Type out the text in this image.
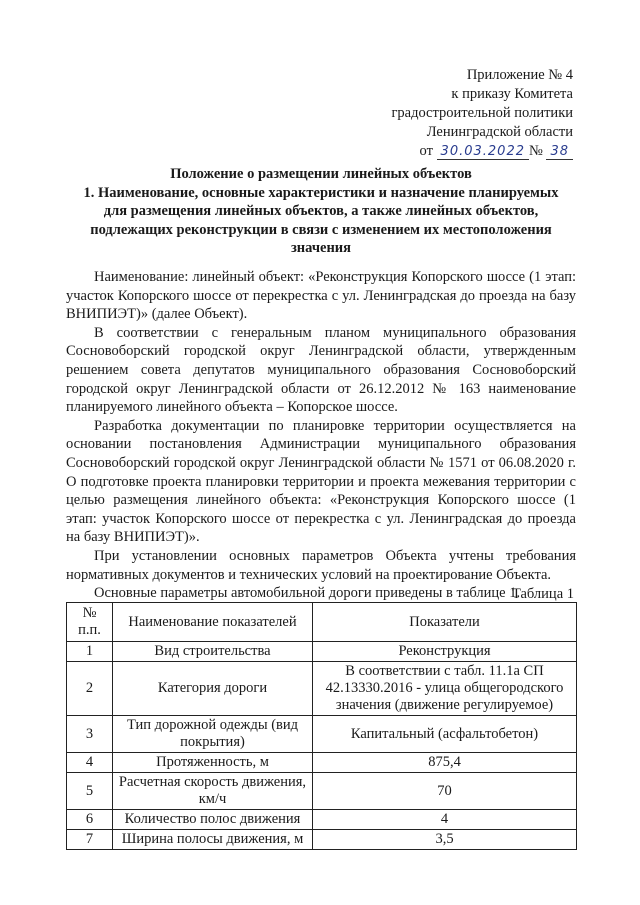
Приложение № 4
к приказу Комитета
градостроительной политики
Ленинградской области
от 30.03.2022 № 38
Положение о размещении линейных объектов
1. Наименование, основные характеристики и назначение планируемых
для размещения линейных объектов, а также линейных объектов,
подлежащих реконструкции в связи с изменением их местоположения
значения

Наименование: линейный объект: «Реконструкция Копорского шоссе (1 этап: участок Копорского шоссе от перекрестка с ул. Ленинградская до проезда на базу ВНИПИЭТ)» (далее Объект).

В соответствии с генеральным планом муниципального образования Сосновоборский городской округ Ленинградской области, утвержденным решением совета депутатов муниципального образования Сосновоборский городской округ Ленинградской области от 26.12.2012 № 163 наименование планируемого линейного объекта – Копорское шоссе.

Разработка документации по планировке территории осуществляется на основании постановления Администрации муниципального образования Сосновоборский городской округ Ленинградской области № 1571 от 06.08.2020 г. О подготовке проекта планировки территории и проекта межевания территории с целью размещения линейного объекта: «Реконструкция Копорского шоссе (1 этап: участок Копорского шоссе от перекрестка с ул. Ленинградская до проезда на базу ВНИПИЭТ)».

При установлении основных параметров Объекта учтены требования нормативных документов и технических условий на проектирование Объекта.

Основные параметры автомобильной дороги приведены в таблице 1.

Таблица 1
№ п.п.	Наименование показателей	Показатели
1	Вид строительства	Реконструкция
2	Категория дороги	В соответствии с табл. 11.1а СП 42.13330.2016 - улица общегородского значения (движение регулируемое)
3	Тип дорожной одежды (вид покрытия)	Капитальный (асфальтобетон)
4	Протяженность, м	875,4
5	Расчетная скорость движения, км/ч	70
6	Количество полос движения	4
7	Ширина полосы движения, м	3,5
